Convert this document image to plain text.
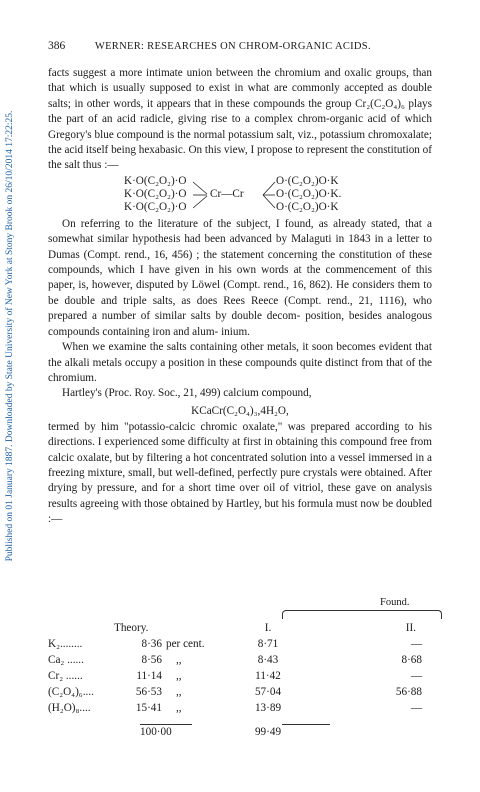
Published on 01 January 1887. Downloaded by State University of New York at Stony Brook on 26/10/2014 17:22:25.
386	WERNER: RESEARCHES ON CHROM-ORGANIC ACIDS.

facts suggest a more intimate union between the chromium and oxalic groups, than that which is usually supposed to exist in what are commonly accepted as double salts; in other words, it appears that in these compounds the group Cr₂(C₂O₄)₆ plays the part of an acid radicle, giving rise to a complex chrom-organic acid of which Gregory's blue compound is the normal potassium salt, viz., potassium chromoxalate; the acid itself being hexabasic. On this view, I propose to represent the constitution of the salt thus :—

K·O(C₂O₂)·O
K·O(C₂O₂)·O
K·O(C₂O₂)·O
Cr—Cr
O·(C₂O₂)O·K
O·(C₂O₂)O·K.
O·(C₂O₂)O·K

On referring to the literature of the subject, I found, as already stated, that a somewhat similar hypothesis had been advanced by Malaguti in 1843 in a letter to Dumas (Compt. rend., 16, 456) ; the statement concerning the constitution of these compounds, which I have given in his own words at the commencement of this paper, is, however, disputed by Löwel (Compt. rend., 16, 862). He considers them to be double and triple salts, as does Rees Reece (Compt. rend., 21, 1116), who prepared a number of similar salts by double decom- position, besides analogous compounds containing iron and alum- inium.

When we examine the salts containing other metals, it soon becomes evident that the alkali metals occupy a position in these compounds quite distinct from that of the chromium.

Hartley's (Proc. Roy. Soc., 21, 499) calcium compound,

KCaCr(C₂O₄)₃,4H₂O,

termed by him "potassio-calcic chromic oxalate," was prepared according to his directions. I experienced some difficulty at first in obtaining this compound free from calcic oxalate, but by filtering a hot concentrated solution into a vessel immersed in a freezing mixture, small, but well-defined, perfectly pure crystals were obtained. After drying by pressure, and for a short time over oil of vitriol, these gave on analysis results agreeing with those obtained by Hartley, but his formula must now be doubled :—

Found.
	Theory.		I.	II.
K₂........	8·36	per cent.	8·71	—
Ca₂ ......	8·56	,,	8·43	8·68
Cr₂ ......	11·14	,,	11·42	—
(C₂O₄)₆....	56·53	,,	57·04	56·88
(H₂O)₈....	15·41	,,	13·89	—

	100·00		99·49	
